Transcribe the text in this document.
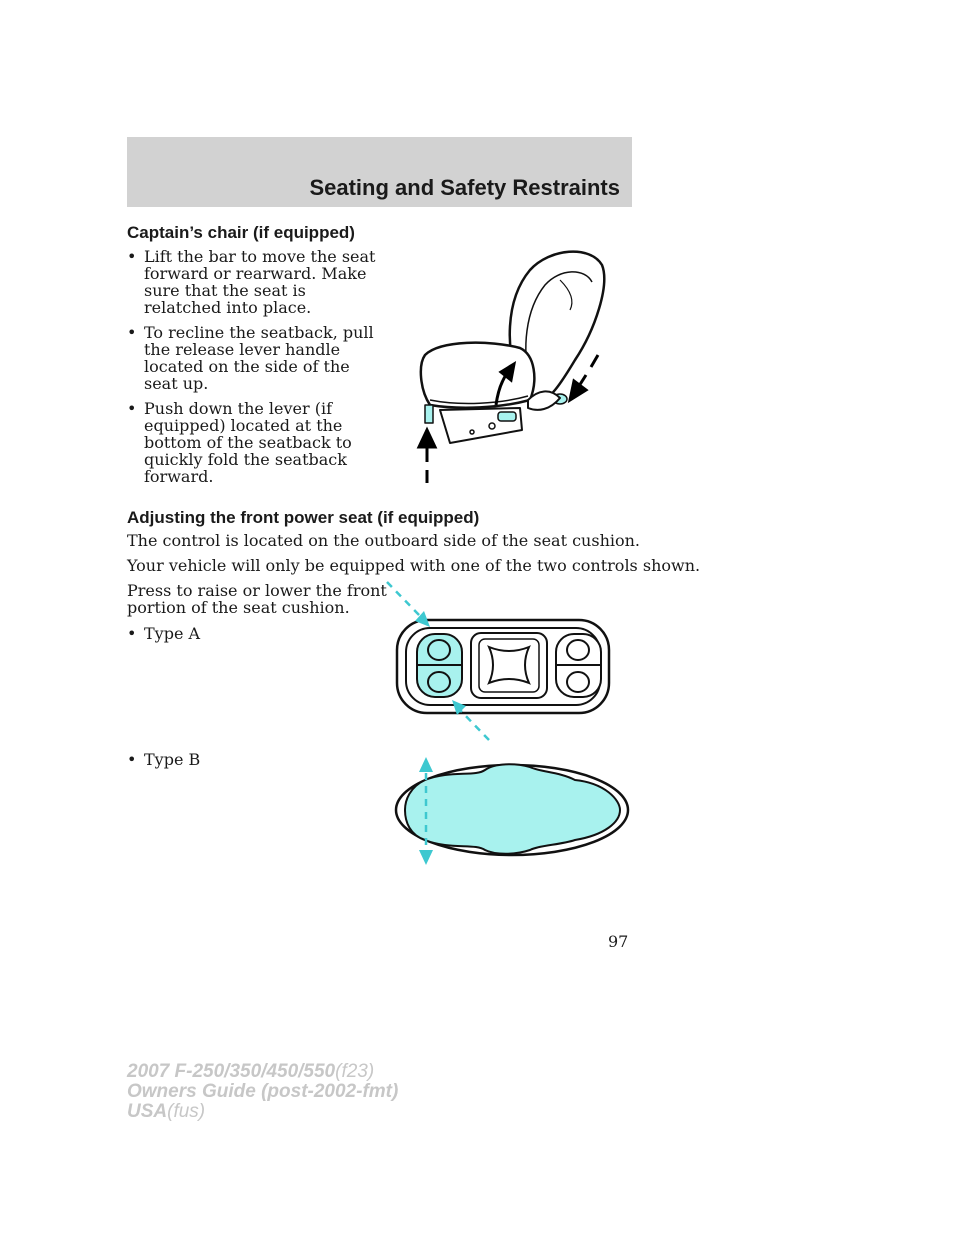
Seating and Safety Restraints
Captain’s chair (if equipped)
• Lift the bar to move the seat forward or rearward. Make sure that the seat is relatched into place.
• To recline the seatback, pull the release lever handle located on the side of the seat up.
• Push down the lever (if equipped) located at the bottom of the seatback to quickly fold the seatback forward.
Adjusting the front power seat (if equipped)
The control is located on the outboard side of the seat cushion.
Your vehicle will only be equipped with one of the two controls shown.
Press to raise or lower the front
portion of the seat cushion.
• Type A
• Type B
97
2007 F-250/350/450/550(f23)
Owners Guide (post-2002-fmt)
USA(fus)
